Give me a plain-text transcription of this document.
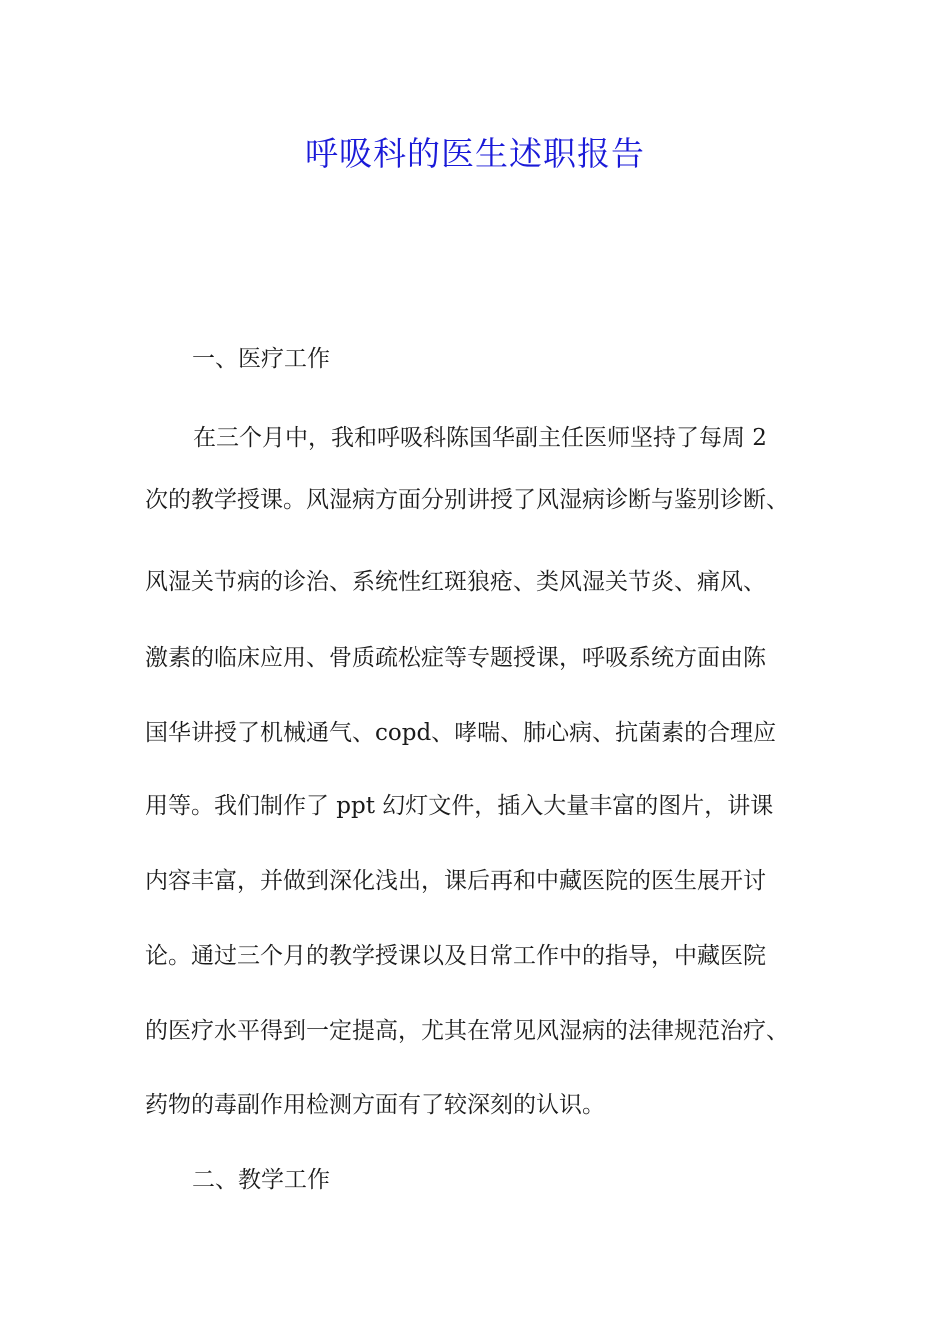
呼吸科的医生述职报告
一、医疗工作

在三个月中，我和呼吸科陈国华副主任医师坚持了每周 2

次的教学授课。风湿病方面分别讲授了风湿病诊断与鉴别诊断、

风湿关节病的诊治、系统性红斑狼疮、类风湿关节炎、痛风、

激素的临床应用、骨质疏松症等专题授课，呼吸系统方面由陈

国华讲授了机械通气、copd、哮喘、肺心病、抗菌素的合理应

用等。我们制作了 ppt 幻灯文件，插入大量丰富的图片，讲课

内容丰富，并做到深化浅出，课后再和中藏医院的医生展开讨

论。通过三个月的教学授课以及日常工作中的指导，中藏医院

的医疗水平得到一定提高，尤其在常见风湿病的法律规范治疗、

药物的毒副作用检测方面有了较深刻的认识。

二、教学工作
